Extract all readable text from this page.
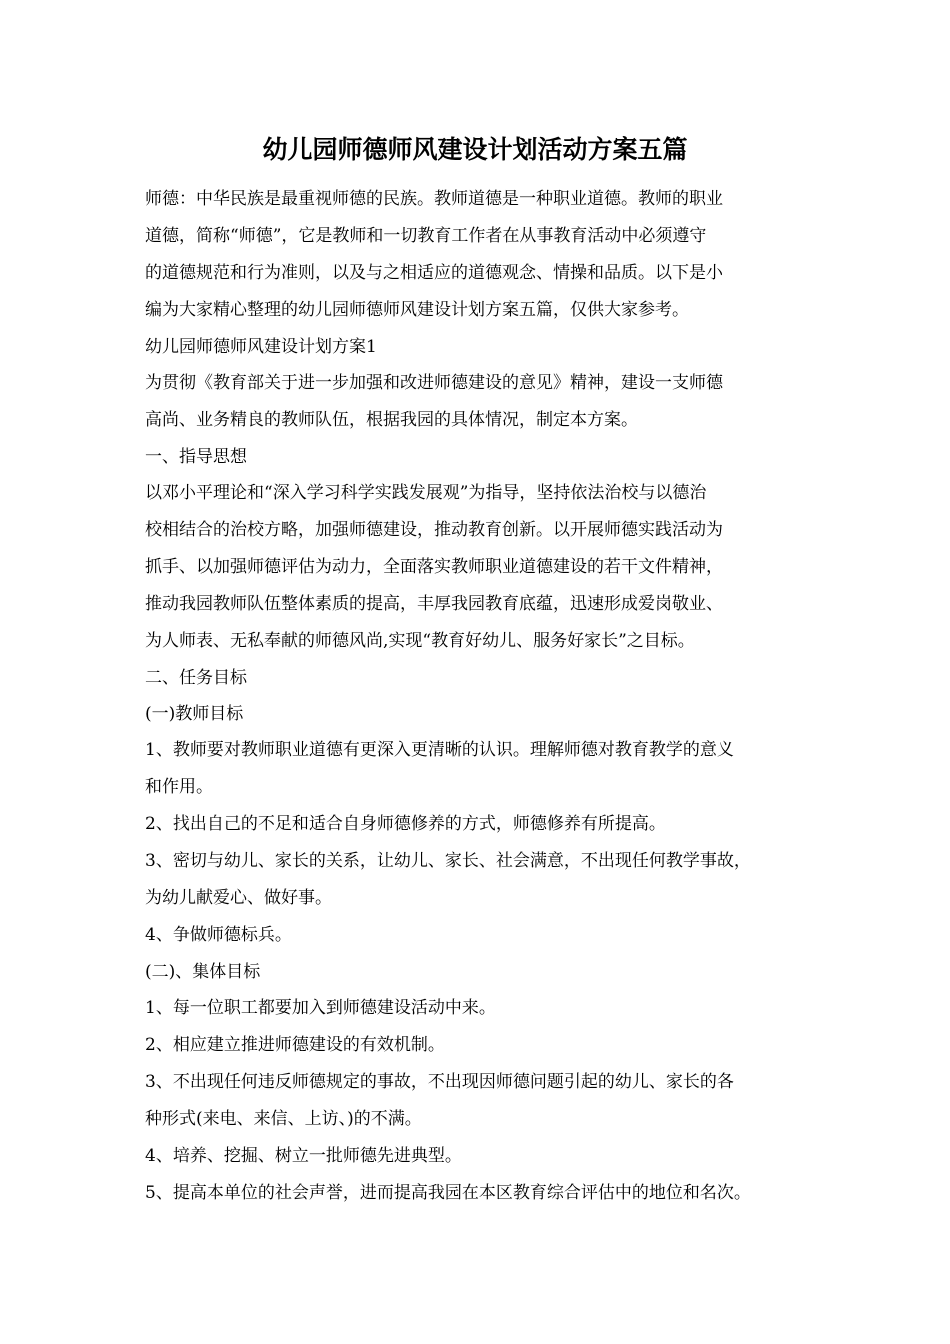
幼儿园师德师风建设计划活动方案五篇

师德：中华民族是最重视师德的民族。教师道德是一种职业道德。教师的职业
道德，简称“师德”，它是教师和一切教育工作者在从事教育活动中必须遵守
的道德规范和行为准则，以及与之相适应的道德观念、情操和品质。以下是小
编为大家精心整理的幼儿园师德师风建设计划方案五篇，仅供大家参考。

幼儿园师德师风建设计划方案1

为贯彻《教育部关于进一步加强和改进师德建设的意见》精神，建设一支师德
高尚、业务精良的教师队伍，根据我园的具体情况，制定本方案。

一、指导思想

以邓小平理论和“深入学习科学实践发展观”为指导，坚持依法治校与以德治
校相结合的治校方略，加强师德建设，推动教育创新。以开展师德实践活动为
抓手、以加强师德评估为动力，全面落实教师职业道德建设的若干文件精神，
推动我园教师队伍整体素质的提高，丰厚我园教育底蕴，迅速形成爱岗敬业、
为人师表、无私奉献的师德风尚,实现“教育好幼儿、服务好家长”之目标。

二、任务目标

(一)教师目标

1、教师要对教师职业道德有更深入更清晰的认识。理解师德对教育教学的意义
和作用。

2、找出自己的不足和适合自身师德修养的方式，师德修养有所提高。

3、密切与幼儿、家长的关系，让幼儿、家长、社会满意，不出现任何教学事故，
为幼儿献爱心、做好事。

4、争做师德标兵。

(二)、集体目标

1、每一位职工都要加入到师德建设活动中来。

2、相应建立推进师德建设的有效机制。

3、不出现任何违反师德规定的事故，不出现因师德问题引起的幼儿、家长的各
种形式(来电、来信、上访、)的不满。

4、培养、挖掘、树立一批师德先进典型。

5、提高本单位的社会声誉，进而提高我园在本区教育综合评估中的地位和名次。
